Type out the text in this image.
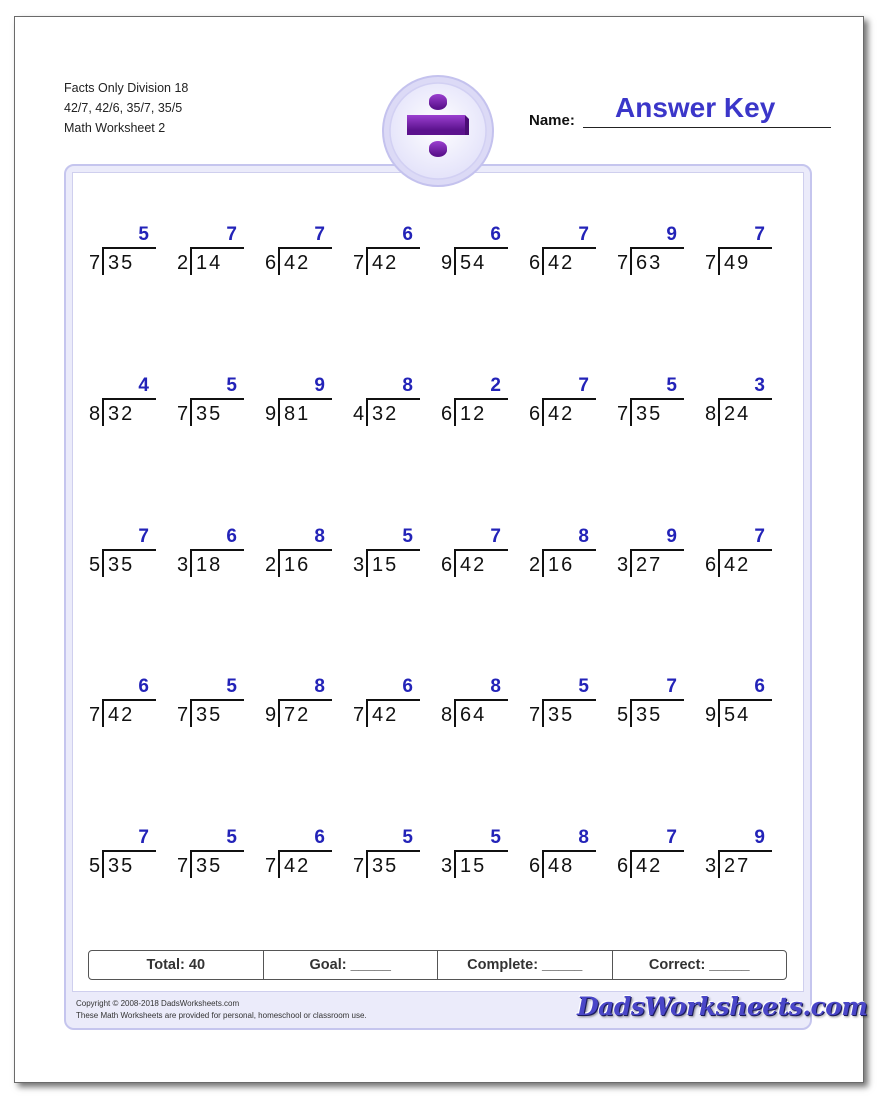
Facts Only Division 18
42/7, 42/6, 35/7, 35/5
Math Worksheet 2	Name: Answer Key
5
7 35
7
2 14
7
6 42
6
7 42
6
9 54
7
6 42
9
7 63
7
7 49
4
8 32
5
7 35
9
9 81
8
4 32
2
6 12
7
6 42
5
7 35
3
8 24
7
5 35
6
3 18
8
2 16
5
3 15
7
6 42
8
2 16
9
3 27
7
6 42
6
7 42
5
7 35
8
9 72
6
7 42
8
8 64
5
7 35
7
5 35
6
9 54
7
5 35
5
7 35
6
7 42
5
7 35
5
3 15
8
6 48
7
6 42
9
3 27
Total: 40	Goal: _____	Complete: _____	Correct: _____
Copyright © 2008-2018 DadsWorksheets.com
These Math Worksheets are provided for personal, homeschool or classroom use.	DadsWorksheets.com
